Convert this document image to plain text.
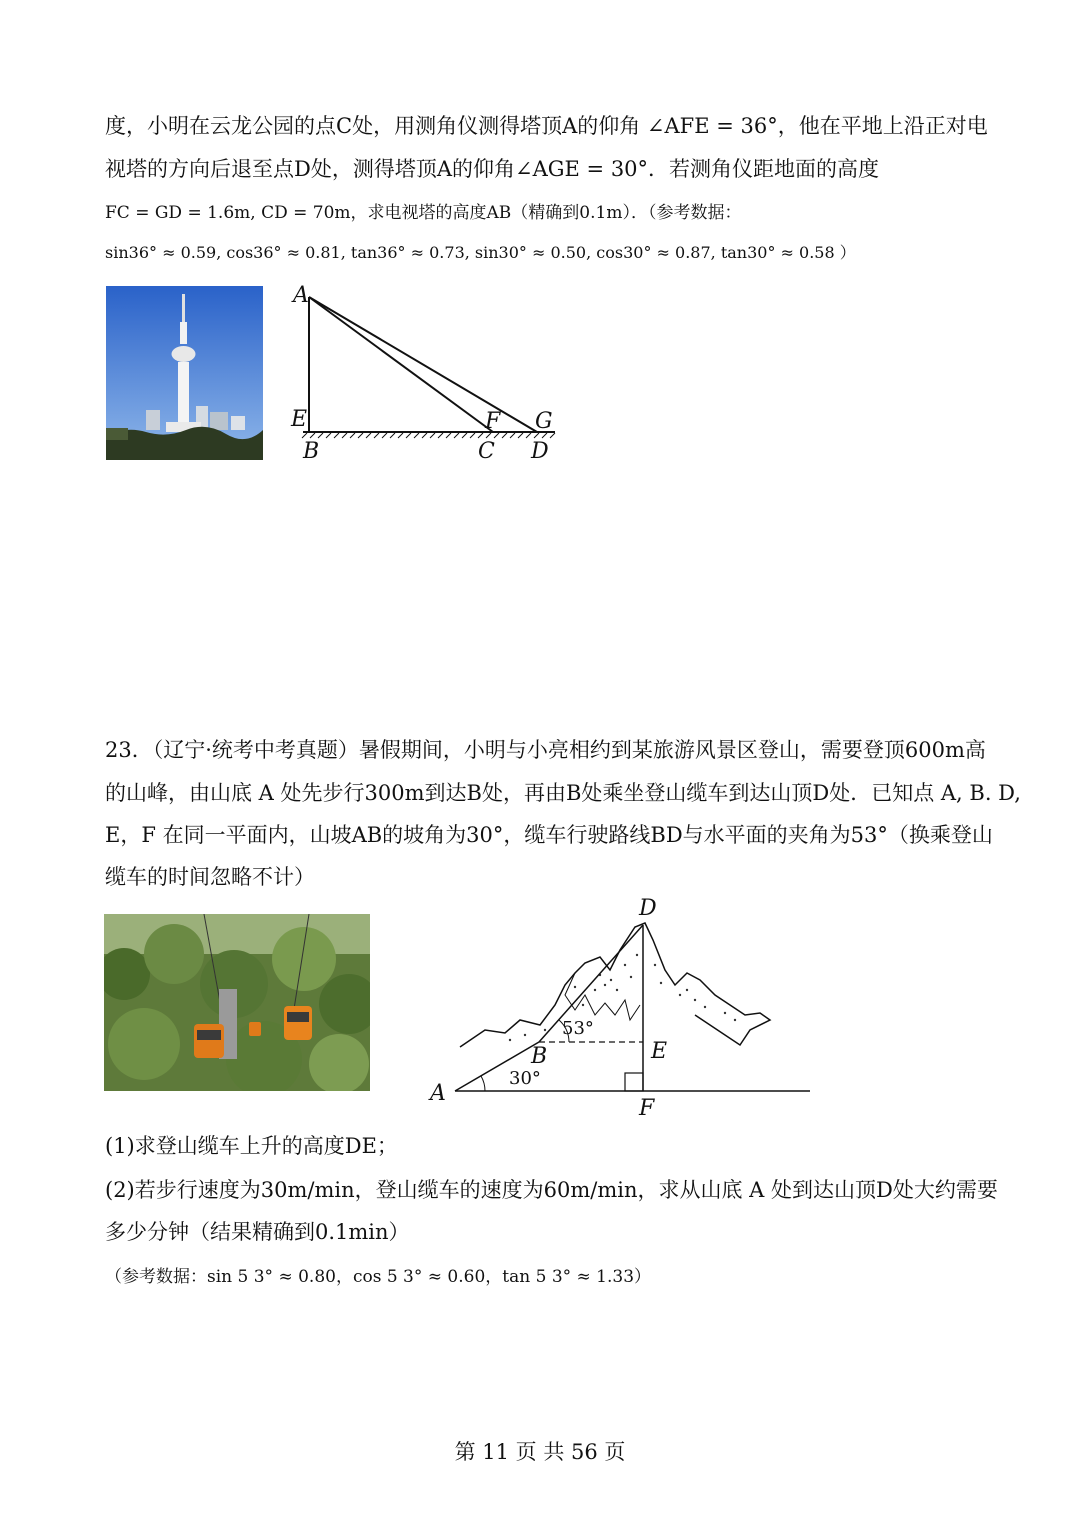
度，小明在云龙公园的点C处，用测角仪测得塔顶A的仰角 ∠AFE = 36°，他在平地上沿正对电
视塔的方向后退至点D处，测得塔顶A的仰角∠AGE = 30°．若测角仪距地面的高度
FC = GD = 1.6m, CD = 70m，求电视塔的高度AB（精确到0.1m）．（参考数据：
sin36° ≈ 0.59, cos36° ≈ 0.81, tan36° ≈ 0.73, sin30° ≈ 0.50, cos30° ≈ 0.87, tan30° ≈ 0.58 ）
A
E
B
F G
C D
23．（辽宁·统考中考真题）暑假期间，小明与小亮相约到某旅游风景区登山，需要登顶600m高
的山峰，由山底 A 处先步行300m到达B处，再由B处乘坐登山缆车到达山顶D处．已知点 A, B. D,
E，F 在同一平面内，山坡AB的坡角为30°，缆车行驶路线BD与水平面的夹角为53°（换乘登山
缆车的时间忽略不计）
D
E
B
A
F
53°
30°
(1)求登山缆车上升的高度DE；
(2)若步行速度为30m/min，登山缆车的速度为60m/min，求从山底 A 处到达山顶D处大约需要
多少分钟（结果精确到0.1min）
（参考数据：sin 5 3° ≈ 0.80，cos 5 3° ≈ 0.60，tan 5 3° ≈ 1.33）
第 11 页 共 56 页
